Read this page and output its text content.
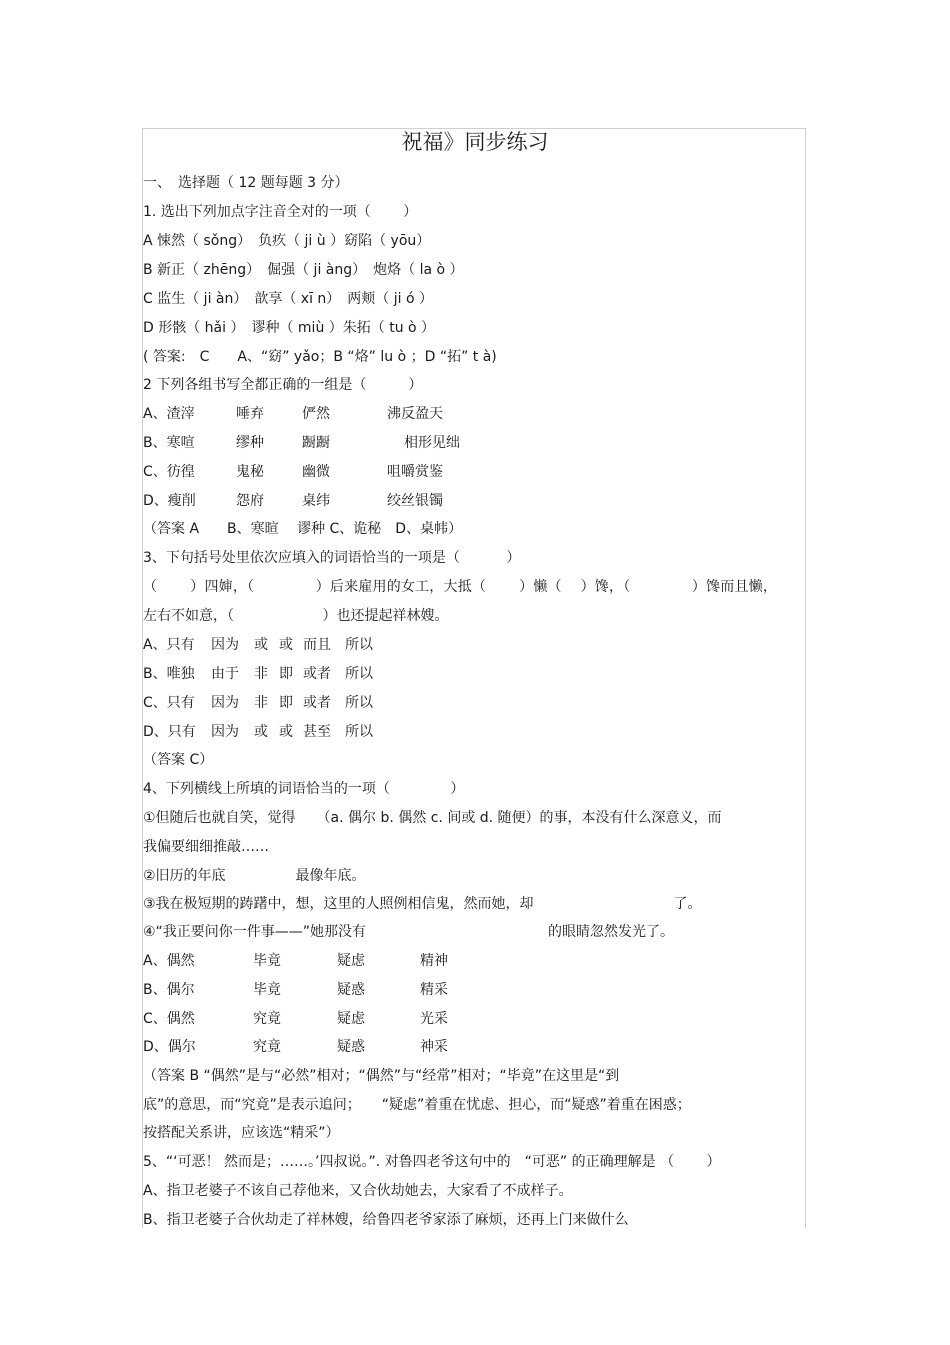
祝福》同步练习
一、　选择题（ 12 题每题 3 分）
1. 选出下列加点字注音全对的一项（　　 ）
A 悚然（ sǒng）　负疚（ ji ù ）窈陷（ yōu）
B 新正（ zhēng）　倔强（ ji àng）　炮烙（ la ò ）
C 监生（ ji àn）　歆享（ xī n）　两颊（ ji ó ）
D 形骸（ hǎi ）　谬种（ miù ）朱拓（ tu ò ）
( 答案:　C　　A、“窈” yǎo；B “烙” lu ò ；D “拓” t à)
2 下列各组书写全都正确的一组是（　　　）
A、渣滓	唾弃	俨然	沸反盈天
B、寒喧	缪种	蹰蹰	相形见绌
C、彷徨	鬼秘	幽微	咀嚼赏鉴
D、瘦削	怨府	桌纬	绞丝银镯
（答案 A　　B、寒暄　 谬种 C、诡秘　D、桌帏）
3、下句括号处里依次应填入的词语恰当的一项是（　　　 ）
（　　 ）四婶，（　　　　 ）后来雇用的女工，大抵（　　 ）懒（　 ）馋，（　　　　 ）馋而且懒，
左右不如意，（　　　　　　 ）也还提起祥林嫂。
A、只有 因为 或 或 而且 所以
B、唯独 由于 非 即 或者 所以
C、只有 因为 非 即 或者 所以
D、只有 因为 或 或 甚至 所以
（答案 C）
4、下列横线上所填的词语恰当的一项（　　　　 ）
①但随后也就自笑，觉得　　（a. 偶尔 b. 偶然 c. 间或 d. 随便）的事，本没有什么深意义，而
我偏要细细推敲……
②旧历的年底　　　　　最像年底。
③我在极短期的踌躇中，想，这里的人照例相信鬼，然而她，却　　　　　　　　　　了。
④“我正要问你一件事——”她那没有　　　　　　　　　　　　　的眼睛忽然发光了。
A、偶然	毕竟	疑虑	精神
B、偶尔	毕竟	疑惑	精采
C、偶然	究竟	疑虑	光采
D、偶尔	究竟	疑惑	神采
（答案 B “偶然”是与“必然”相对；“偶然”与“经常”相对；“毕竟”在这里是“到
底”的意思，而“究竟”是表示追问；　　“疑虑”着重在忧虑、担心，而“疑惑”着重在困惑；
按搭配关系讲，应该选“精采”）
5、“‘可恶！ 然而是；……。’四叔说。”. 对鲁四老爷这句中的　“可恶” 的正确理解是 （　　 ）
A、指卫老婆子不该自己荐他来，又合伙劫她去，大家看了不成样子。
B、指卫老婆子合伙劫走了祥林嫂，给鲁四老爷家添了麻烦，还再上门来做什么
